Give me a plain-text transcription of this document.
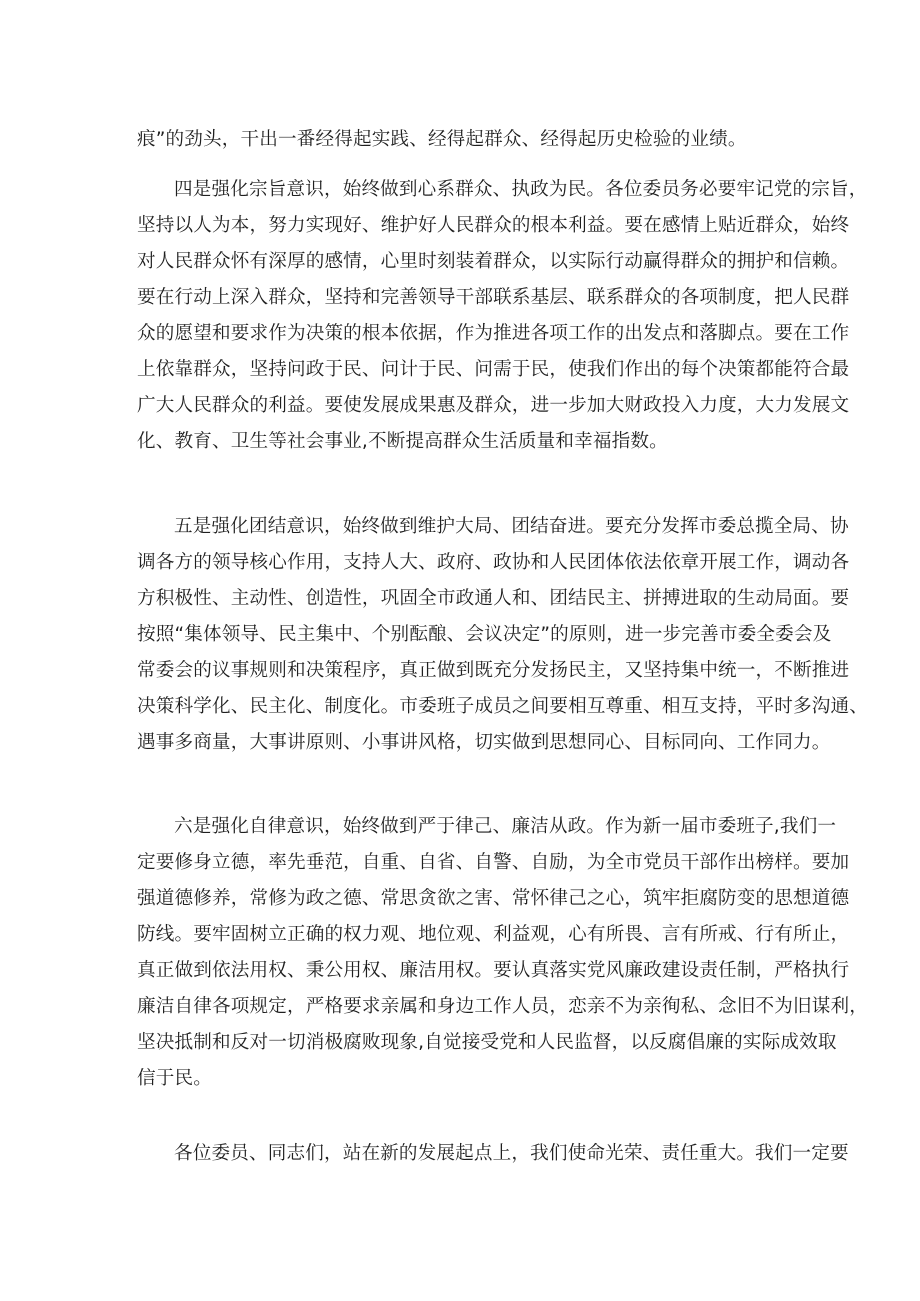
痕”的劲头，干出一番经得起实践、经得起群众、经得起历史检验的业绩。
四是强化宗旨意识，始终做到心系群众、执政为民。各位委员务必要牢记党的宗旨，
坚持以人为本，努力实现好、维护好人民群众的根本利益。要在感情上贴近群众，始终
对人民群众怀有深厚的感情，心里时刻装着群众，以实际行动赢得群众的拥护和信赖。
要在行动上深入群众，坚持和完善领导干部联系基层、联系群众的各项制度，把人民群
众的愿望和要求作为决策的根本依据，作为推进各项工作的出发点和落脚点。要在工作
上依靠群众，坚持问政于民、问计于民、问需于民，使我们作出的每个决策都能符合最
广大人民群众的利益。要使发展成果惠及群众，进一步加大财政投入力度，大力发展文
化、教育、卫生等社会事业,不断提高群众生活质量和幸福指数。
五是强化团结意识，始终做到维护大局、团结奋进。要充分发挥市委总揽全局、协
调各方的领导核心作用，支持人大、政府、政协和人民团体依法依章开展工作，调动各
方积极性、主动性、创造性，巩固全市政通人和、团结民主、拼搏进取的生动局面。要
按照“集体领导、民主集中、个别酝酿、会议决定”的原则，进一步完善市委全委会及
常委会的议事规则和决策程序，真正做到既充分发扬民主，又坚持集中统一，不断推进
决策科学化、民主化、制度化。市委班子成员之间要相互尊重、相互支持，平时多沟通、
遇事多商量，大事讲原则、小事讲风格，切实做到思想同心、目标同向、工作同力。
六是强化自律意识，始终做到严于律己、廉洁从政。作为新一届市委班子,我们一
定要修身立德，率先垂范，自重、自省、自警、自励，为全市党员干部作出榜样。要加
强道德修养，常修为政之德、常思贪欲之害、常怀律己之心，筑牢拒腐防变的思想道德
防线。要牢固树立正确的权力观、地位观、利益观，心有所畏、言有所戒、行有所止，
真正做到依法用权、秉公用权、廉洁用权。要认真落实党风廉政建设责任制，严格执行
廉洁自律各项规定，严格要求亲属和身边工作人员，恋亲不为亲徇私、念旧不为旧谋利，
坚决抵制和反对一切消极腐败现象,自觉接受党和人民监督，以反腐倡廉的实际成效取
信于民。
各位委员、同志们，站在新的发展起点上，我们使命光荣、责任重大。我们一定要
